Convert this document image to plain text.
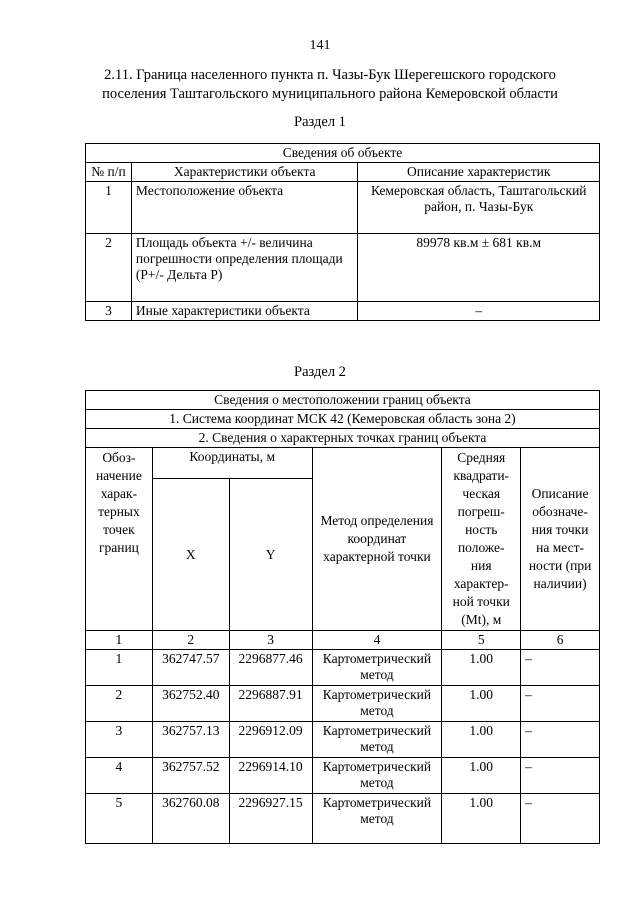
141
2.11. Граница населенного пункта п. Чазы-Бук Шерегешского городского
поселения Таштагольского муниципального района Кемеровской области
Раздел 1
Сведения об объекте		
№ п/п	Характеристики объекта	Описание характеристик
1	Местоположение объекта	Кемеровская область, Таштагольский район, п. Чазы-Бук
2	Площадь объекта +/- величина погрешности определения площади (Р+/- Дельта Р)	89978 кв.м ± 681 кв.м
3	Иные характеристики объекта	–
Раздел 2
Сведения о местоположении границ объекта					
1. Система координат МСК 42 (Кемеровская область зона 2)					
2. Сведения о характерных точках границ объекта					
Обоз- начение харак- терных точек границ	Координаты, м		Метод определения координат характерной точки	Средняя квадрати- ческая погреш- ность положе- ния характер- ной точки (Mt), м	Описание обозначе- ния точки на мест- ности (при наличии)
	X	Y			
1	2	3	4	5	6
1	362747.57	2296877.46	Картометрический метод	1.00	–
2	362752.40	2296887.91	Картометрический метод	1.00	–
3	362757.13	2296912.09	Картометрический метод	1.00	–
4	362757.52	2296914.10	Картометрический метод	1.00	–
5	362760.08	2296927.15	Картометрический метод	1.00	–
